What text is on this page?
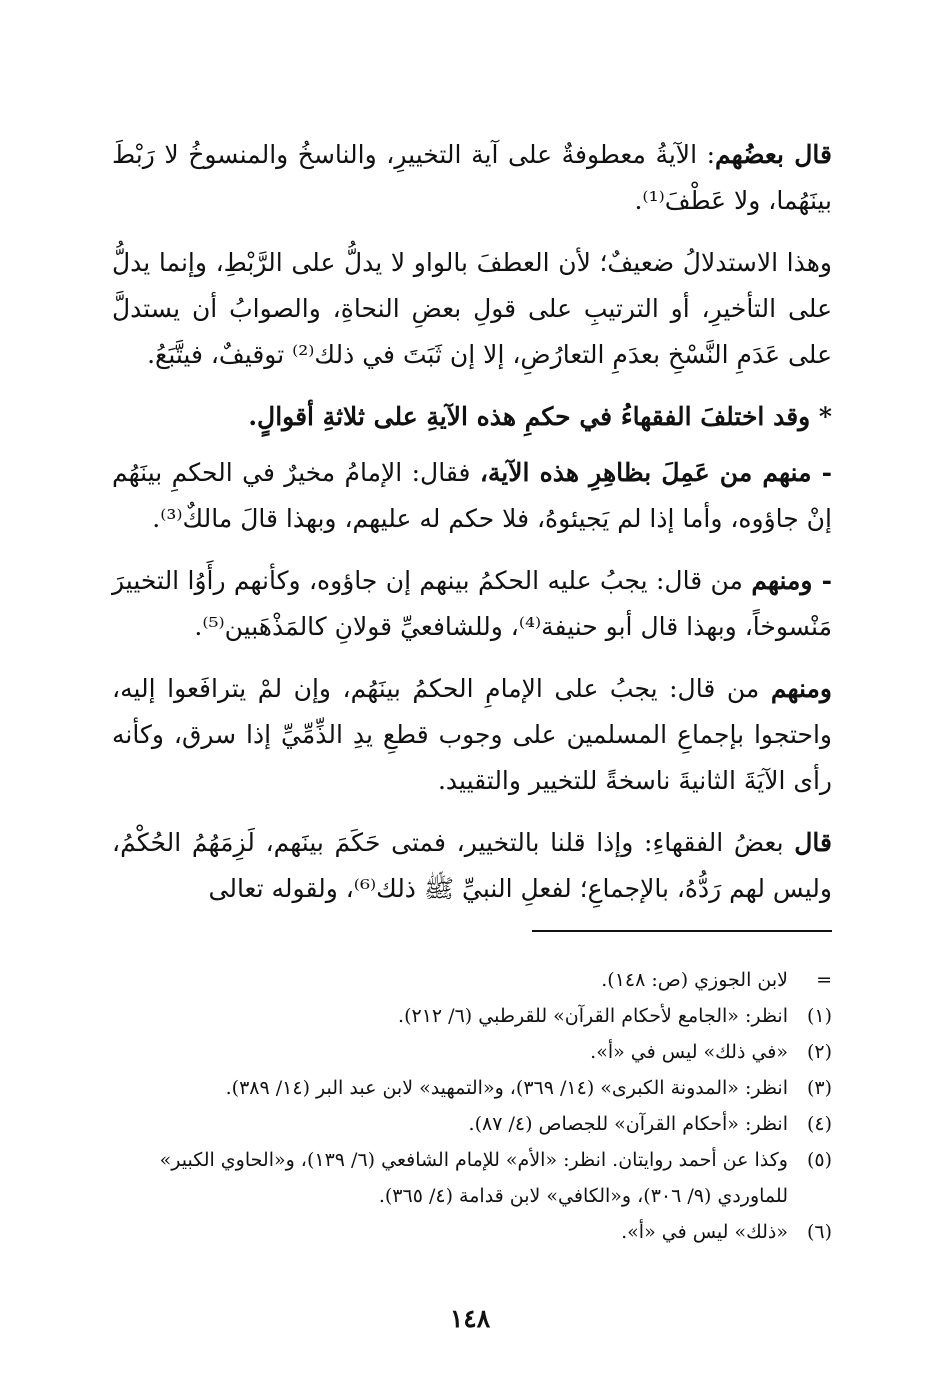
قال بعضُهم: الآيةُ معطوفةٌ على آية التخييرِ، والناسخُ والمنسوخُ لا رَبْطَ بينَهُما، ولا عَطْفَ⁽¹⁾.

وهذا الاستدلالُ ضعيفٌ؛ لأن العطفَ بالواو لا يدلُّ على الرَّبْطِ، وإنما يدلُّ على التأخيرِ، أو الترتيبِ على قولِ بعضِ النحاةِ، والصوابُ أن يستدلَّ على عَدَمِ النَّسْخِ بعدَمِ التعارُضِ، إلا إن ثَبَتَ في ذلك⁽²⁾ توقيفٌ، فيتَّبَعُ.

* وقد اختلفَ الفقهاءُ في حكمِ هذه الآيةِ على ثلاثةِ أقوالٍ.

- منهم من عَمِلَ بظاهِرِ هذه الآية، فقال: الإمامُ مخيرٌ في الحكمِ بينَهُم إنْ جاؤوه، وأما إذا لم يَجيئوهُ، فلا حكم له عليهم، وبهذا قالَ مالكٌ⁽³⁾.

- ومنهم من قال: يجبُ عليه الحكمُ بينهم إن جاؤوه، وكأنهم رأَوُا التخييرَ مَنْسوخاً، وبهذا قال أبو حنيفة⁽⁴⁾، وللشافعيِّ قولانِ كالمَذْهَبين⁽⁵⁾.

ومنهم من قال: يجبُ على الإمامِ الحكمُ بينَهُم، وإن لمْ يترافَعوا إليه، واحتجوا بإجماعِ المسلمين على وجوب قطعِ يدِ الذِّمِّيِّ إذا سرق، وكأنه رأى الآيَةَ الثانيةَ ناسخةً للتخيير والتقييد.

قال بعضُ الفقهاءِ: وإذا قلنا بالتخيير، فمتى حَكَمَ بينَهم، لَزِمَهُمُ الحُكْمُ، وليس لهم رَدُّهُ، بالإجماعِ؛ لفعلِ النبيِّ ﷺ ذلك⁽⁶⁾، ولقوله تعالى

=
لابن الجوزي (ص: ١٤٨).
(١)
انظر: «الجامع لأحكام القرآن» للقرطبي (٦/ ٢١٢).
(٢)
«في ذلك» ليس في «أ».
(٣)
انظر: «المدونة الكبرى» (١٤/ ٣٦٩)، و«التمهيد» لابن عبد البر (١٤/ ٣٨٩).
(٤)
انظر: «أحكام القرآن» للجصاص (٤/ ٨٧).
(٥)
وكذا عن أحمد روايتان. انظر: «الأم» للإمام الشافعي (٦/ ١٣٩)، و«الحاوي الكبير» للماوردي (٩/ ٣٠٦)، و«الكافي» لابن قدامة (٤/ ٣٦٥).
(٦)
«ذلك» ليس في «أ».
١٤٨
